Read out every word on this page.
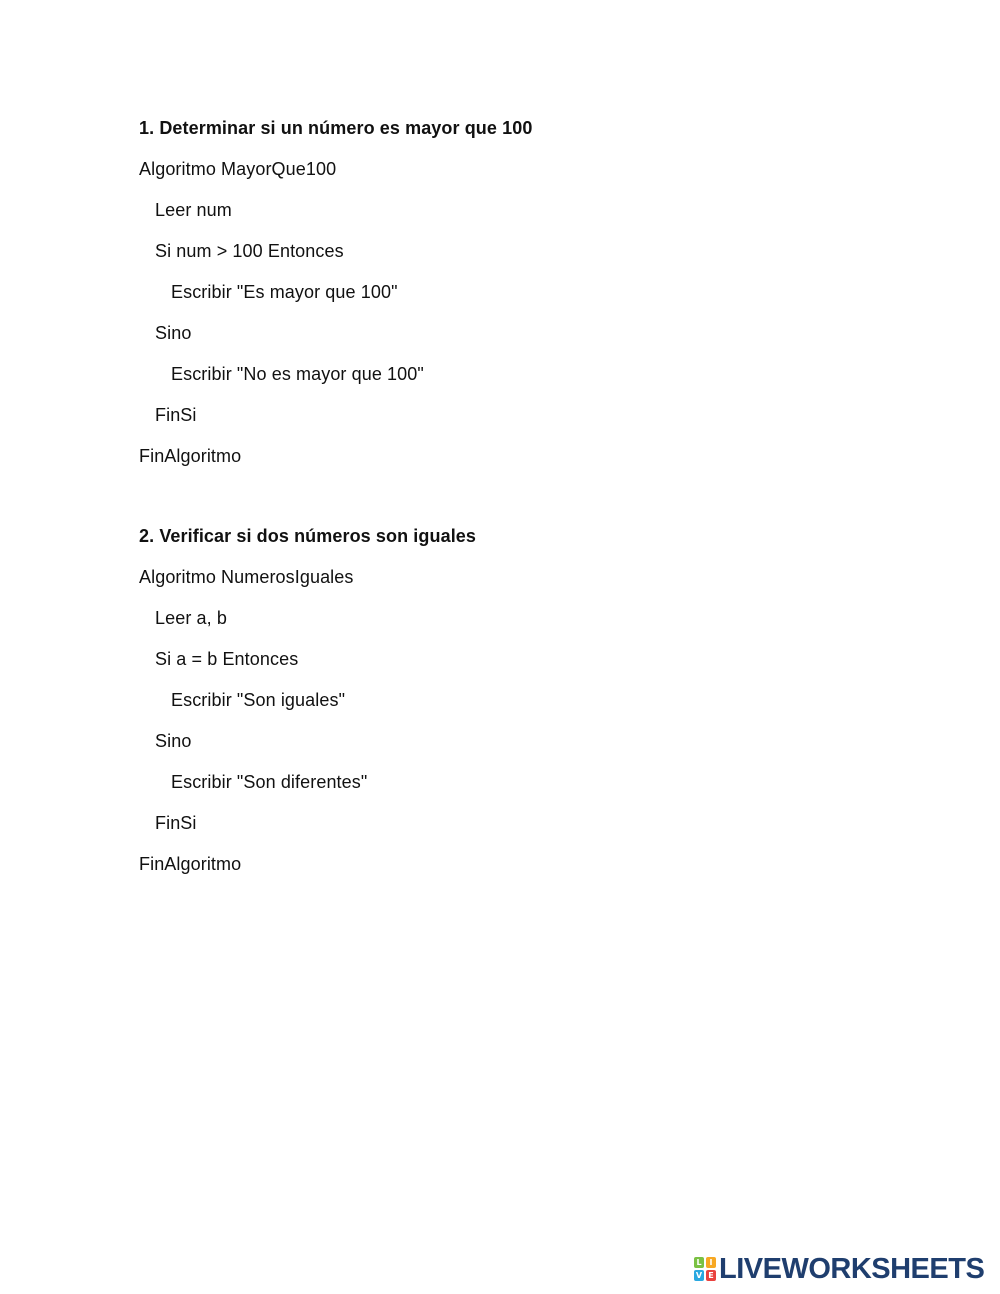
1. Determinar si un número es mayor que 100
Algoritmo MayorQue100
Leer num
Si num > 100 Entonces
Escribir "Es mayor que 100"
Sino
Escribir "No es mayor que 100"
FinSi
FinAlgoritmo
2. Verificar si dos números son iguales
Algoritmo NumerosIguales
Leer a, b
Si a = b Entonces
Escribir "Son iguales"
Sino
Escribir "Son diferentes"
FinSi
FinAlgoritmo
L I
V E LIVEWORKSHEETS
